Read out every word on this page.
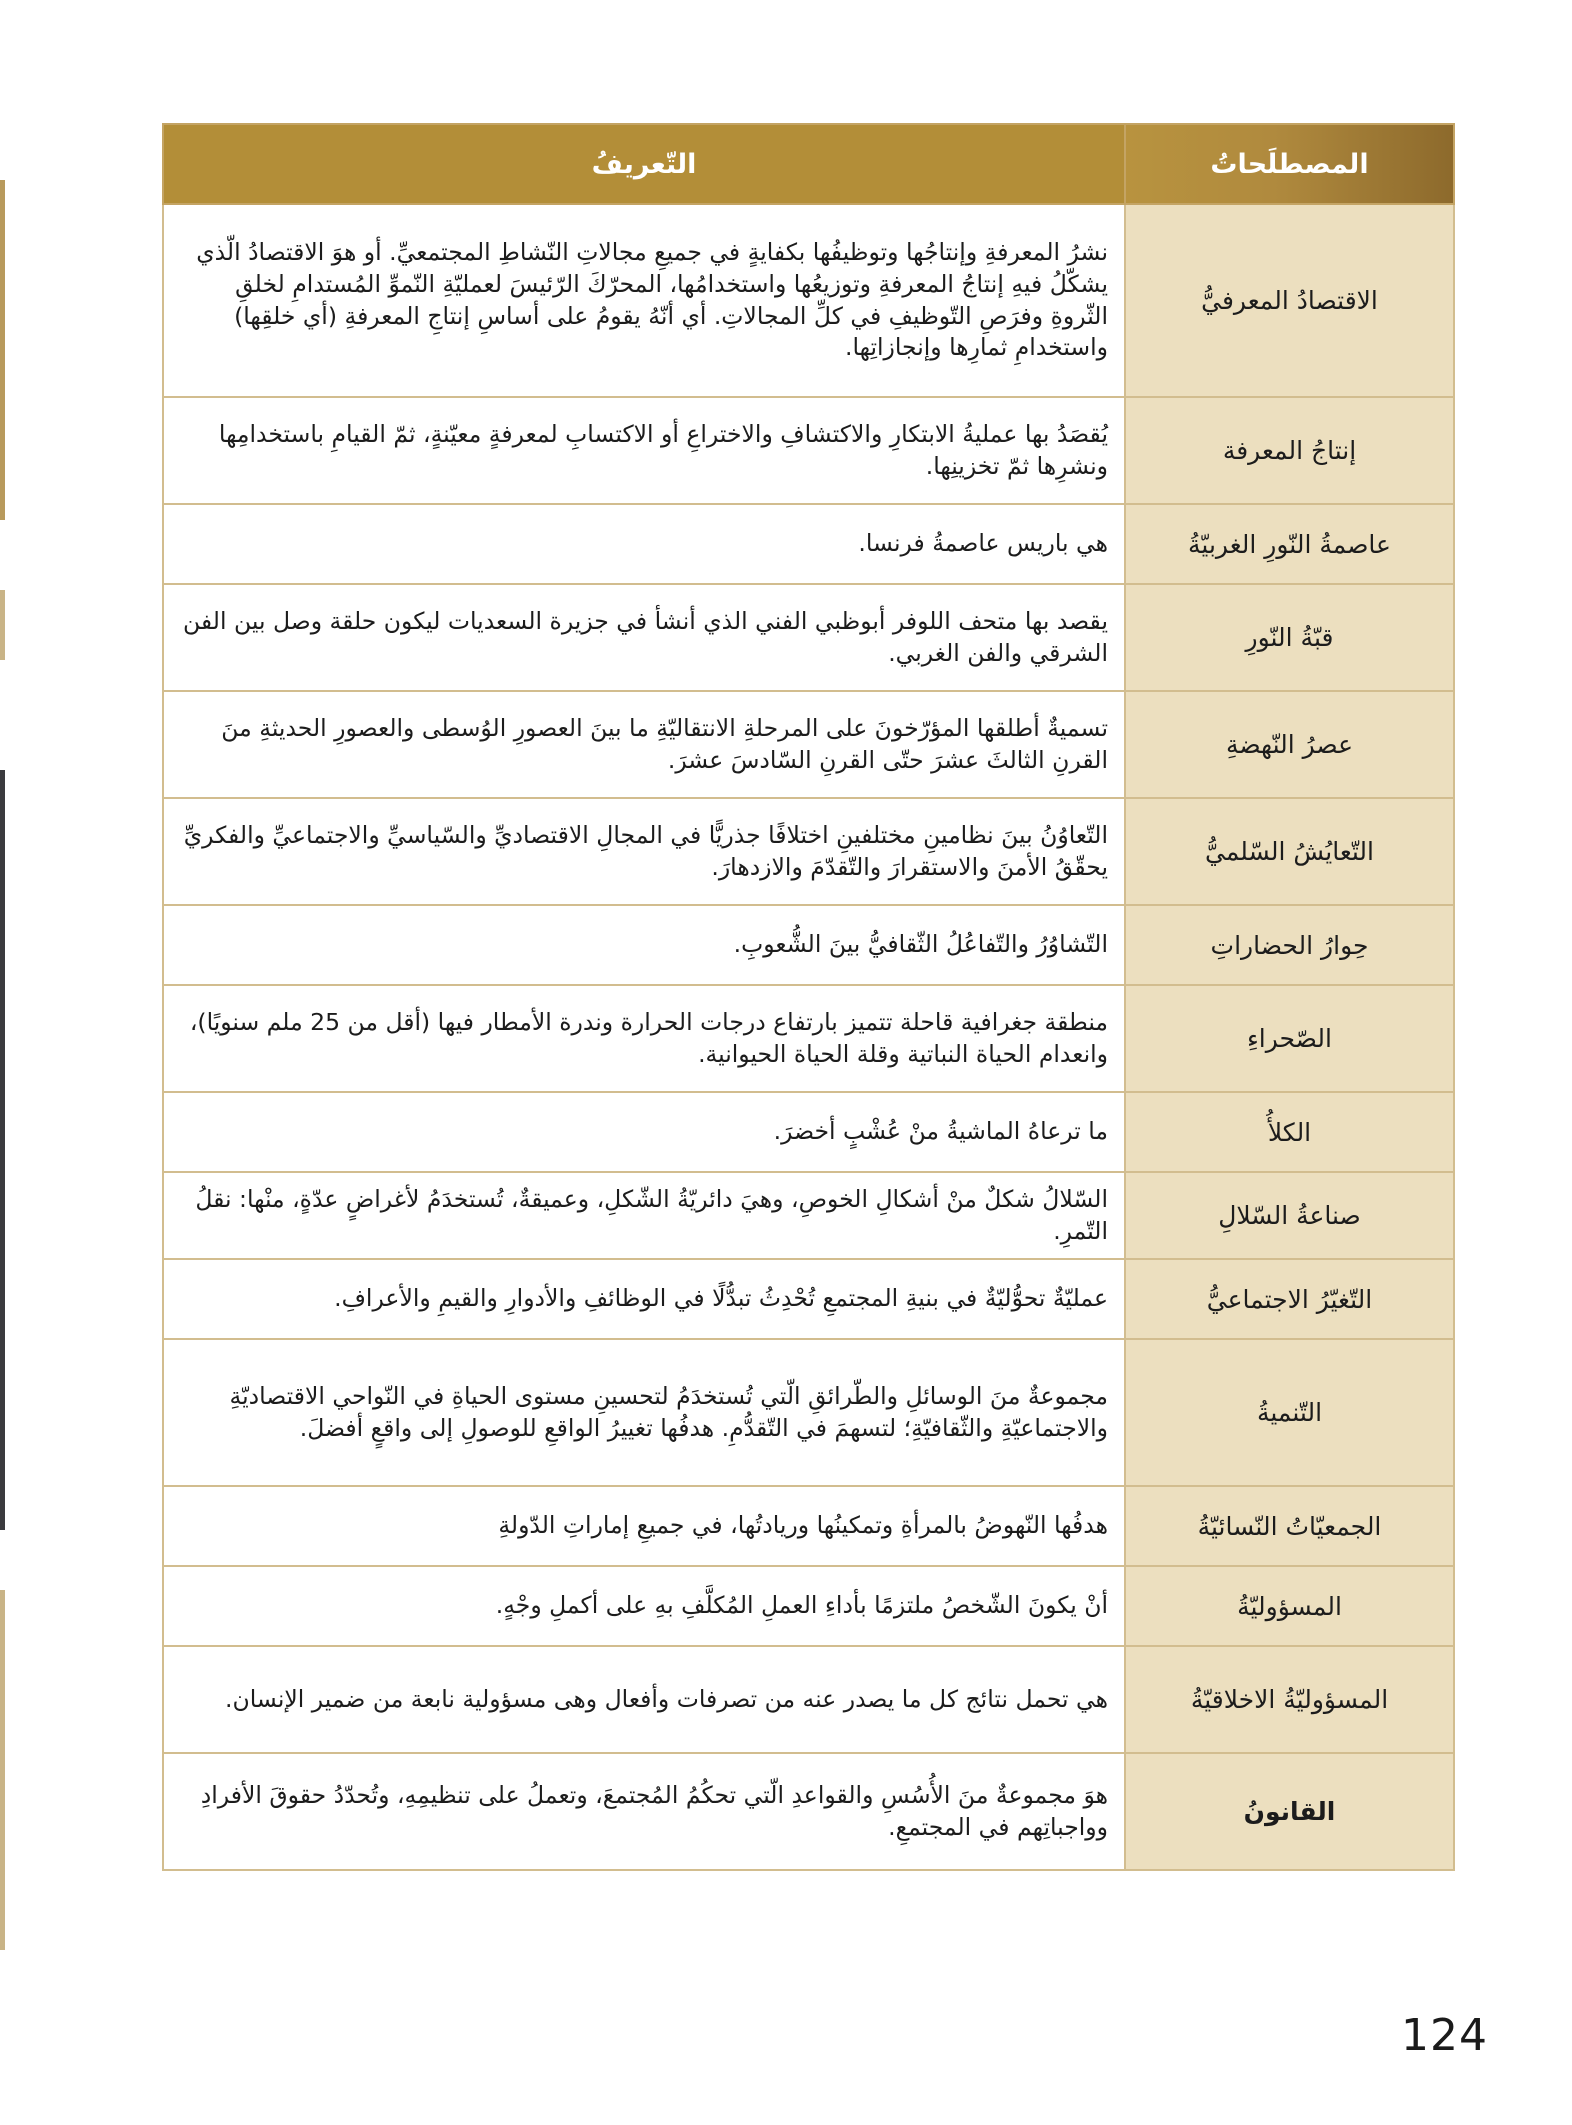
المصطلَحاتُ	التّعريفُ
الاقتصادُ المعرفيُّ	نشرُ المعرفةِ وإنتاجُها وتوظيفُها بكفايةٍ في جميعِ مجالاتِ النّشاطِ المجتمعيِّ. أو هوَ الاقتصادُ الّذي يشكّلُ فيهِ إنتاجُ المعرفةِ وتوزيعُها واستخدامُها، المحرّكَ الرّئيسَ لعمليّةِ النّموِّ المُستدامِ لخلقِ الثّروةِ وفرَصِ التّوظيفِ في كلِّ المجالاتِ. أي أنّهُ يقومُ على أساسِ إنتاجِ المعرفةِ (أي خلقِها) واستخدامِ ثمارِها وإنجازاتِها.
إنتاجُ المعرفة	يُقصَدُ بها عمليةُ الابتكارِ والاكتشافِ والاختراعِ أو الاكتسابِ لمعرفةٍ معيّنةٍ، ثمّ القيامِ باستخدامِها ونشرِها ثمّ تخزينِها.
عاصمةُ النّورِ الغربيّةُ	هي باريس عاصمةُ فرنسا.
قبّةُ النّورِ	يقصد بها متحف اللوفر أبوظبي الفني الذي أنشأ في جزيرة السعديات ليكون حلقة وصل بين الفن الشرقي والفن الغربي.
عصرُ النّهضةِ	تسميةٌ أطلقها المؤرّخونَ على المرحلةِ الانتقاليّةِ ما بينَ العصورِ الوُسطى والعصورِ الحديثةِ منَ القرنِ الثالثَ عشرَ حتّى القرنِ السّادسَ عشرَ.
التّعايُشُ السّلميُّ	التّعاوُنُ بينَ نظامينِ مختلفينِ اختلافًا جذريًّا في المجالِ الاقتصاديِّ والسّياسيِّ والاجتماعيِّ والفكريِّ يحقّقُ الأمنَ والاستقرارَ والتّقدّمَ والازدهارَ.
حِوارُ الحضاراتِ	التّشاوُرُ والتّفاعُلُ الثّقافيُّ بينَ الشُّعوبِ.
الصّحراءِ	منطقة جغرافية قاحلة تتميز بارتفاع درجات الحرارة وندرة الأمطار فيها (أقل من 25 ملم سنويًا)، وانعدام الحياة النباتية وقلة الحياة الحيوانية.
الكلأُ	ما ترعاهُ الماشيةُ منْ عُشْبٍ أخضرَ.
صناعةُ السّلالِ	السّلالُ شكلٌ منْ أشكالِ الخوصِ، وهيَ دائريّةُ الشّكلِ، وعميقةٌ، تُستخدَمُ لأغراضٍ عدّةٍ، منْها: نقلُ التّمرِ.
التّغيّرُ الاجتماعيُّ	عمليّةٌ تحوُّليّةٌ في بنيةِ المجتمعِ تُحْدِثُ تبدُّلًا في الوظائفِ والأدوارِ والقيمِ والأعرافِ.
التّنميةُ	مجموعةٌ منَ الوسائلِ والطّرائقِ الّتي تُستخدَمُ لتحسينِ مستوى الحياةِ في النّواحي الاقتصاديّةِ والاجتماعيّةِ والثّقافيّةِ؛ لتسهمَ في التّقدُّمِ. هدفُها تغييرُ الواقعِ للوصولِ إلى واقعٍ أفضلَ.
الجمعيّاتُ النّسائيّةُ	هدفُها النّهوضُ بالمرأةِ وتمكينُها وريادتُها، في جميعِ إماراتِ الدّولةِ
المسؤوليّةُ	أنْ يكونَ الشّخصُ ملتزمًا بأداءِ العملِ المُكلَّفِ بهِ على أكملِ وجْهٍ.
المسؤوليّةُ الاخلاقيّةُ	هي تحمل نتائج كل ما يصدر عنه من تصرفات وأفعال وهى مسؤولية نابعة من ضمير الإنسان.
القانونُ	هوَ مجموعةٌ منَ الأُسُسِ والقواعدِ الّتي تحكُمُ المُجتمعَ، وتعملُ على تنظيمِهِ، وتُحدّدُ حقوقَ الأفرادِ وواجباتِهم في المجتمعِ.
124
